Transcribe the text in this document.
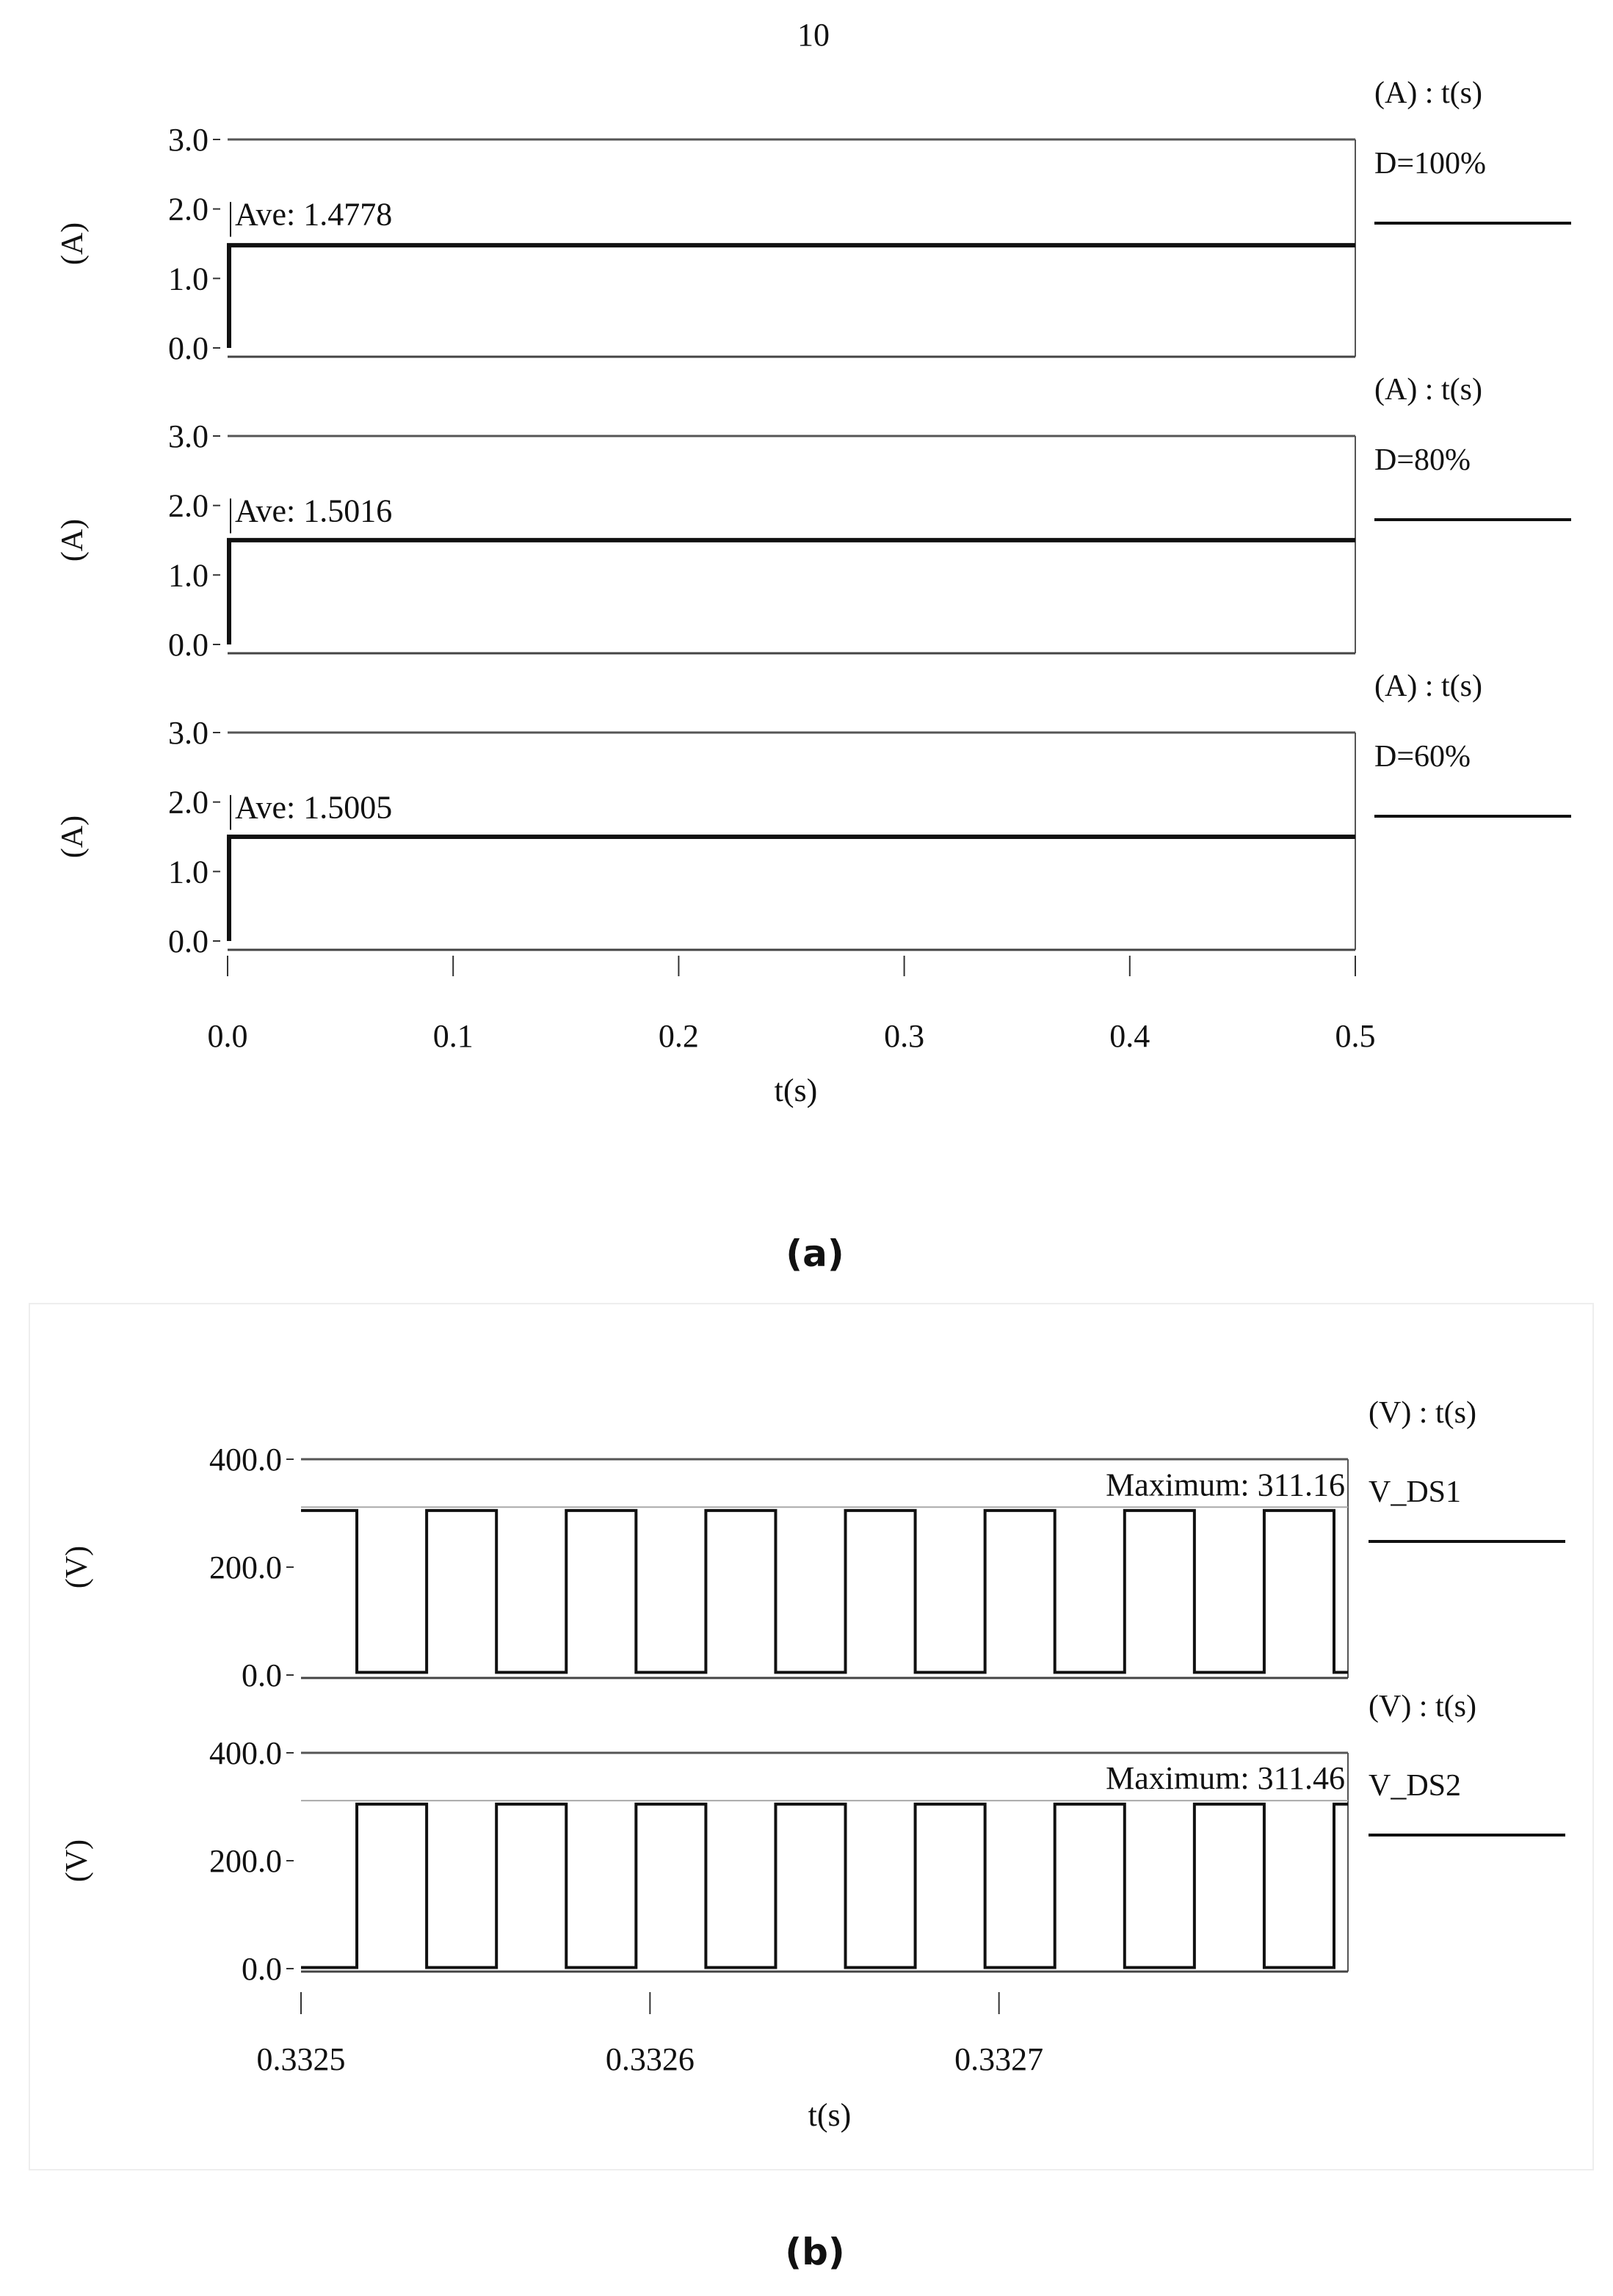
10
0.0
1.0
2.0
3.0
(A)
(A) : t(s)
D=100%
Ave: 1.4778
0.0
1.0
2.0
3.0
(A)
(A) : t(s)
D=80%
Ave: 1.5016
0.0
1.0
2.0
3.0
(A)
(A) : t(s)
D=60%
Ave: 1.5005
0.0	0.1	0.2	0.3	0.4	0.5
t(s)
0.0
200.0
400.0
(V)
(V) : t(s)
V_DS1
Maximum: 311.16
0.0
200.0
400.0
(V)
(V) : t(s)
V_DS2
Maximum: 311.46
0.3325	0.3326	0.3327
t(s)
(a)
(b)
